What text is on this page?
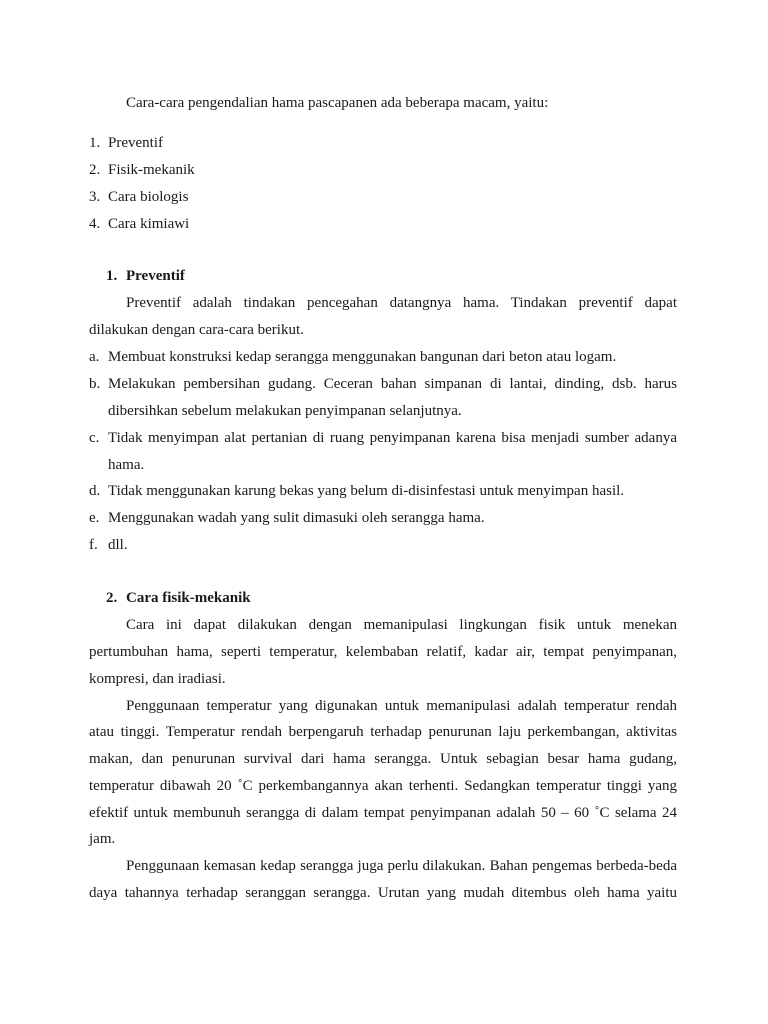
Cara-cara pengendalian hama pascapanen ada beberapa macam, yaitu:
1. Preventif
2. Fisik-mekanik
3. Cara biologis
4. Cara kimiawi
1. Preventif
Preventif adalah tindakan pencegahan datangnya hama. Tindakan preventif dapat
dilakukan dengan cara-cara berikut.
a. Membuat konstruksi kedap serangga menggunakan bangunan dari beton atau logam.
b. Melakukan pembersihan gudang. Ceceran bahan simpanan di lantai, dinding, dsb. harus
dibersihkan sebelum melakukan penyimpanan selanjutnya.
c. Tidak menyimpan alat pertanian di ruang penyimpanan karena bisa menjadi sumber adanya
hama.
d. Tidak menggunakan karung bekas yang belum di-disinfestasi untuk menyimpan hasil.
e. Menggunakan wadah yang sulit dimasuki oleh serangga hama.
f. dll.
2. Cara fisik-mekanik
Cara ini dapat dilakukan dengan memanipulasi lingkungan fisik untuk menekan
pertumbuhan hama, seperti temperatur, kelembaban relatif, kadar air, tempat penyimpanan,
kompresi, dan iradiasi.
Penggunaan temperatur yang digunakan untuk memanipulasi adalah temperatur rendah
atau tinggi. Temperatur rendah berpengaruh terhadap penurunan laju perkembangan, aktivitas
makan, dan penurunan survival dari hama serangga. Untuk sebagian besar hama gudang,
temperatur dibawah 20 ˚C perkembangannya akan terhenti. Sedangkan temperatur tinggi yang
efektif untuk membunuh serangga di dalam tempat penyimpanan adalah 50 – 60 ˚C selama 24
jam.
Penggunaan kemasan kedap serangga juga perlu dilakukan. Bahan pengemas berbeda-beda
daya tahannya terhadap seranggan serangga. Urutan yang mudah ditembus oleh hama yaitu
